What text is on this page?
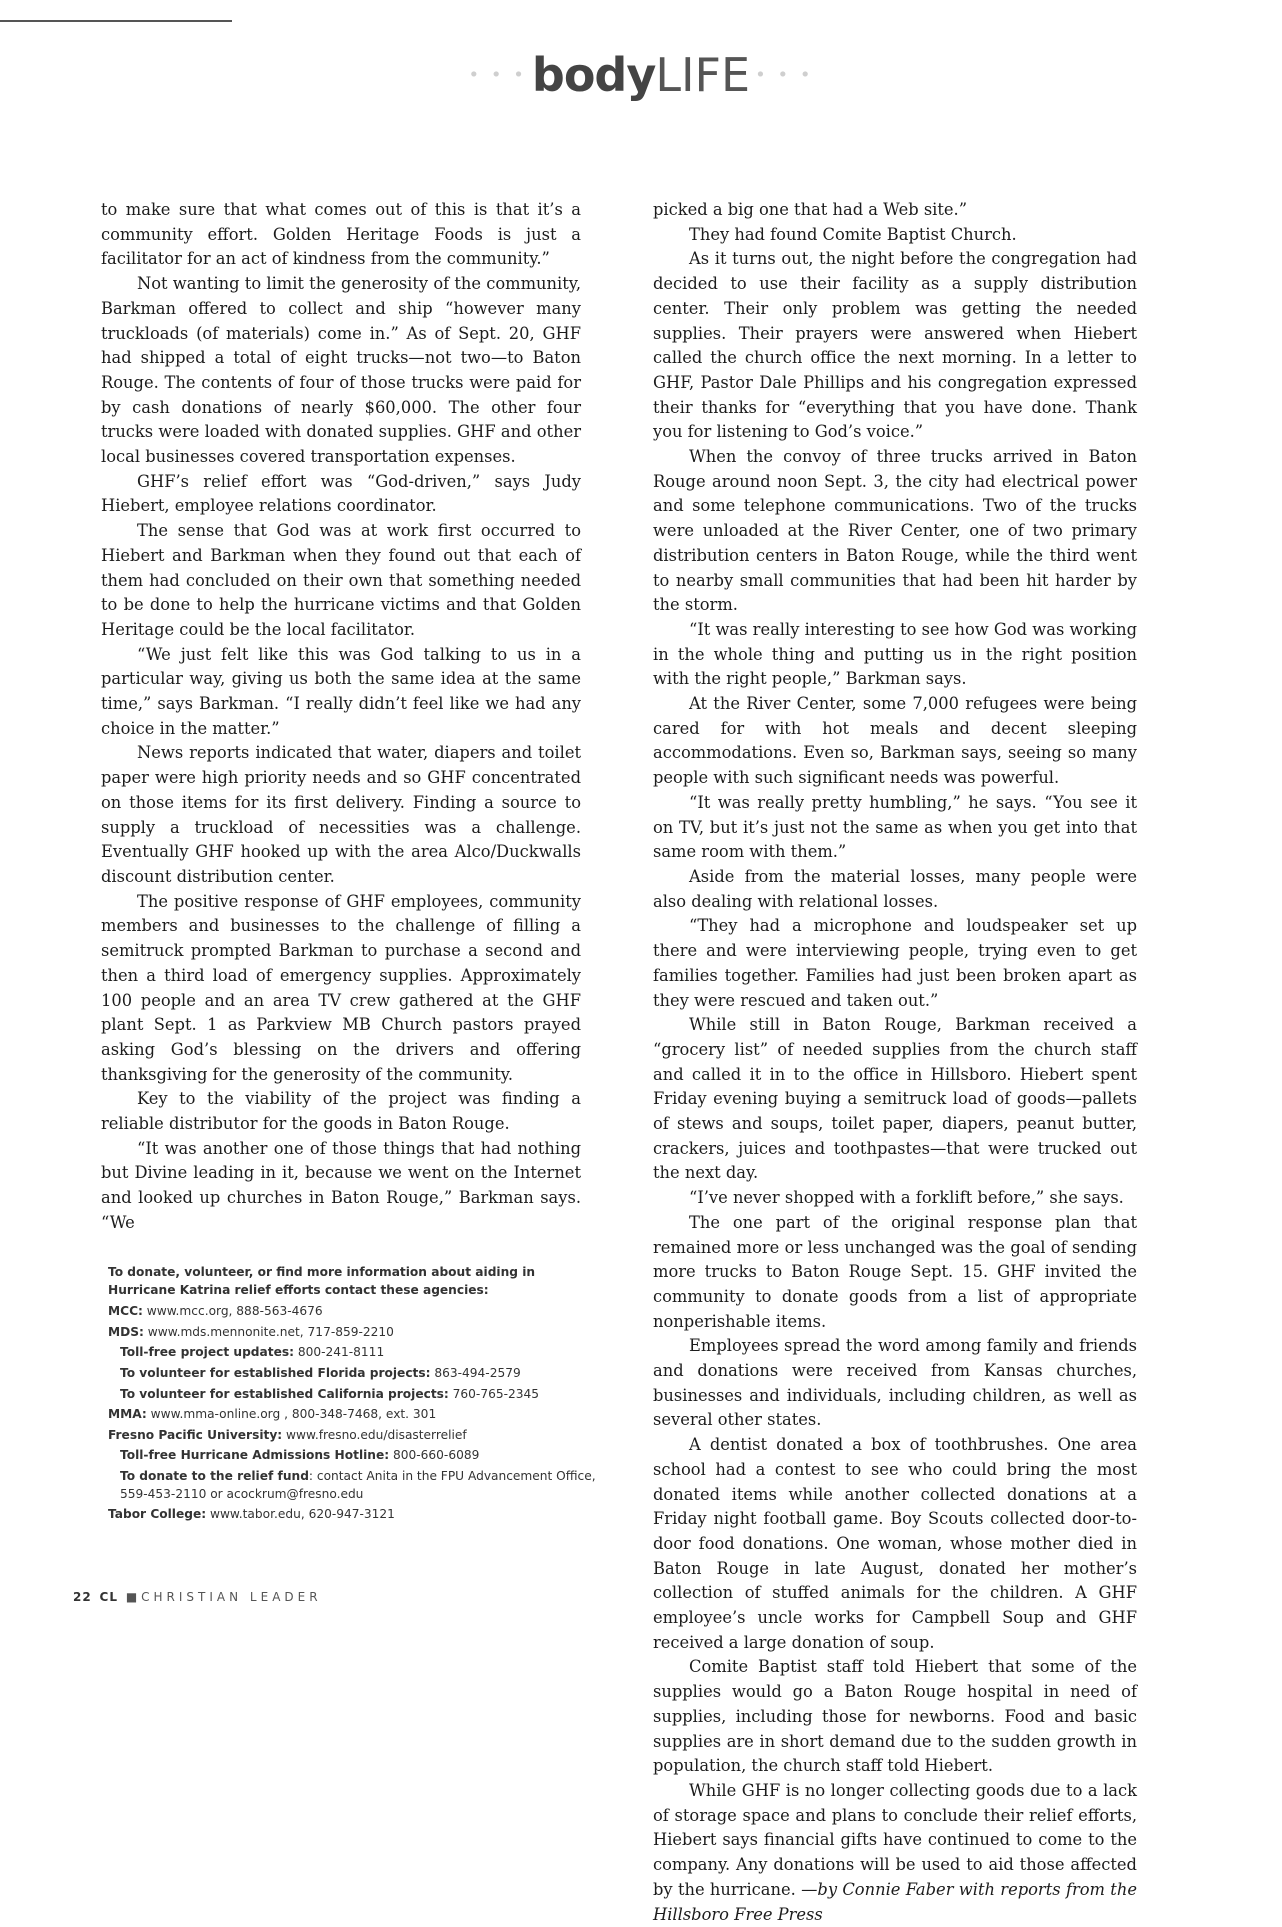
• • • bodyLIFE • • •

to make sure that what comes out of this is that it’s a community effort. Golden Heritage Foods is just a facilitator for an act of kindness from the community.”

Not wanting to limit the generosity of the community, Barkman offered to collect and ship “however many truckloads (of materials) come in.” As of Sept. 20, GHF had shipped a total of eight trucks—not two—to Baton Rouge. The contents of four of those trucks were paid for by cash donations of nearly $60,000. The other four trucks were loaded with donated supplies. GHF and other local businesses covered transportation expenses.

GHF’s relief effort was “God-driven,” says Judy Hiebert, employee relations coordinator.

The sense that God was at work first occurred to Hiebert and Barkman when they found out that each of them had concluded on their own that something needed to be done to help the hurricane victims and that Golden Heritage could be the local facilitator.

“We just felt like this was God talking to us in a particular way, giving us both the same idea at the same time,” says Barkman. “I really didn’t feel like we had any choice in the matter.”

News reports indicated that water, diapers and toilet paper were high priority needs and so GHF concentrated on those items for its first delivery. Finding a source to supply a truckload of necessities was a challenge. Eventually GHF hooked up with the area Alco/Duckwalls discount distribution center.

The positive response of GHF employees, community members and businesses to the challenge of filling a semitruck prompted Barkman to purchase a second and then a third load of emergency supplies. Approximately 100 people and an area TV crew gathered at the GHF plant Sept. 1 as Parkview MB Church pastors prayed asking God’s blessing on the drivers and offering thanksgiving for the generosity of the community.

Key to the viability of the project was finding a reliable distributor for the goods in Baton Rouge.

“It was another one of those things that had nothing but Divine leading in it, because we went on the Internet and looked up churches in Baton Rouge,” Barkman says. “We

picked a big one that had a Web site.”

They had found Comite Baptist Church.

As it turns out, the night before the congregation had decided to use their facility as a supply distribution center. Their only problem was getting the needed supplies. Their prayers were answered when Hiebert called the church office the next morning. In a letter to GHF, Pastor Dale Phillips and his congregation expressed their thanks for “everything that you have done. Thank you for listening to God’s voice.”

When the convoy of three trucks arrived in Baton Rouge around noon Sept. 3, the city had electrical power and some telephone communications. Two of the trucks were unloaded at the River Center, one of two primary distribution centers in Baton Rouge, while the third went to nearby small communities that had been hit harder by the storm.

“It was really interesting to see how God was working in the whole thing and putting us in the right position with the right people,” Barkman says.

At the River Center, some 7,000 refugees were being cared for with hot meals and decent sleeping accommodations. Even so, Barkman says, seeing so many people with such significant needs was powerful.

“It was really pretty humbling,” he says. “You see it on TV, but it’s just not the same as when you get into that same room with them.”

Aside from the material losses, many people were also dealing with relational losses.

“They had a microphone and loudspeaker set up there and were interviewing people, trying even to get families together. Families had just been broken apart as they were rescued and taken out.”

While still in Baton Rouge, Barkman received a “grocery list” of needed supplies from the church staff and called it in to the office in Hillsboro. Hiebert spent Friday evening buying a semitruck load of goods—pallets of stews and soups, toilet paper, diapers, peanut butter, crackers, juices and toothpastes—that were trucked out the next day.

“I’ve never shopped with a forklift before,” she says.

The one part of the original response plan that remained more or less unchanged was the goal of sending more trucks to Baton Rouge Sept. 15. GHF invited the community to donate goods from a list of appropriate nonperishable items.

Employees spread the word among family and friends and donations were received from Kansas churches, businesses and individuals, including children, as well as several other states.

A dentist donated a box of toothbrushes. One area school had a contest to see who could bring the most donated items while another collected donations at a Friday night football game. Boy Scouts collected door-to-door food donations. One woman, whose mother died in Baton Rouge in late August, donated her mother’s collection of stuffed animals for the children. A GHF employee’s uncle works for Campbell Soup and GHF received a large donation of soup.

Comite Baptist staff told Hiebert that some of the supplies would go a Baton Rouge hospital in need of supplies, including those for newborns. Food and basic supplies are in short demand due to the sudden growth in population, the church staff told Hiebert.

While GHF is no longer collecting goods due to a lack of storage space and plans to conclude their relief efforts, Hiebert says financial gifts have continued to come to the company. Any donations will be used to aid those affected by the hurricane. —by Connie Faber with reports from the Hillsboro Free Press

To donate, volunteer, or find more information about aiding in Hurricane Katrina relief efforts contact these agencies:
MCC: www.mcc.org, 888-563-4676
MDS: www.mds.mennonite.net, 717-859-2210
Toll-free project updates: 800-241-8111
To volunteer for established Florida projects: 863-494-2579
To volunteer for established California projects: 760-765-2345
MMA: www.mma-online.org , 800-348-7468, ext. 301
Fresno Pacific University: www.fresno.edu/disasterrelief
Toll-free Hurricane Admissions Hotline: 800-660-6089
To donate to the relief fund: contact Anita in the FPU Advancement Office, 559-453-2110 or acockrum@fresno.edu
Tabor College: www.tabor.edu, 620-947-3121
22 CL ■CHRISTIAN LEADER
